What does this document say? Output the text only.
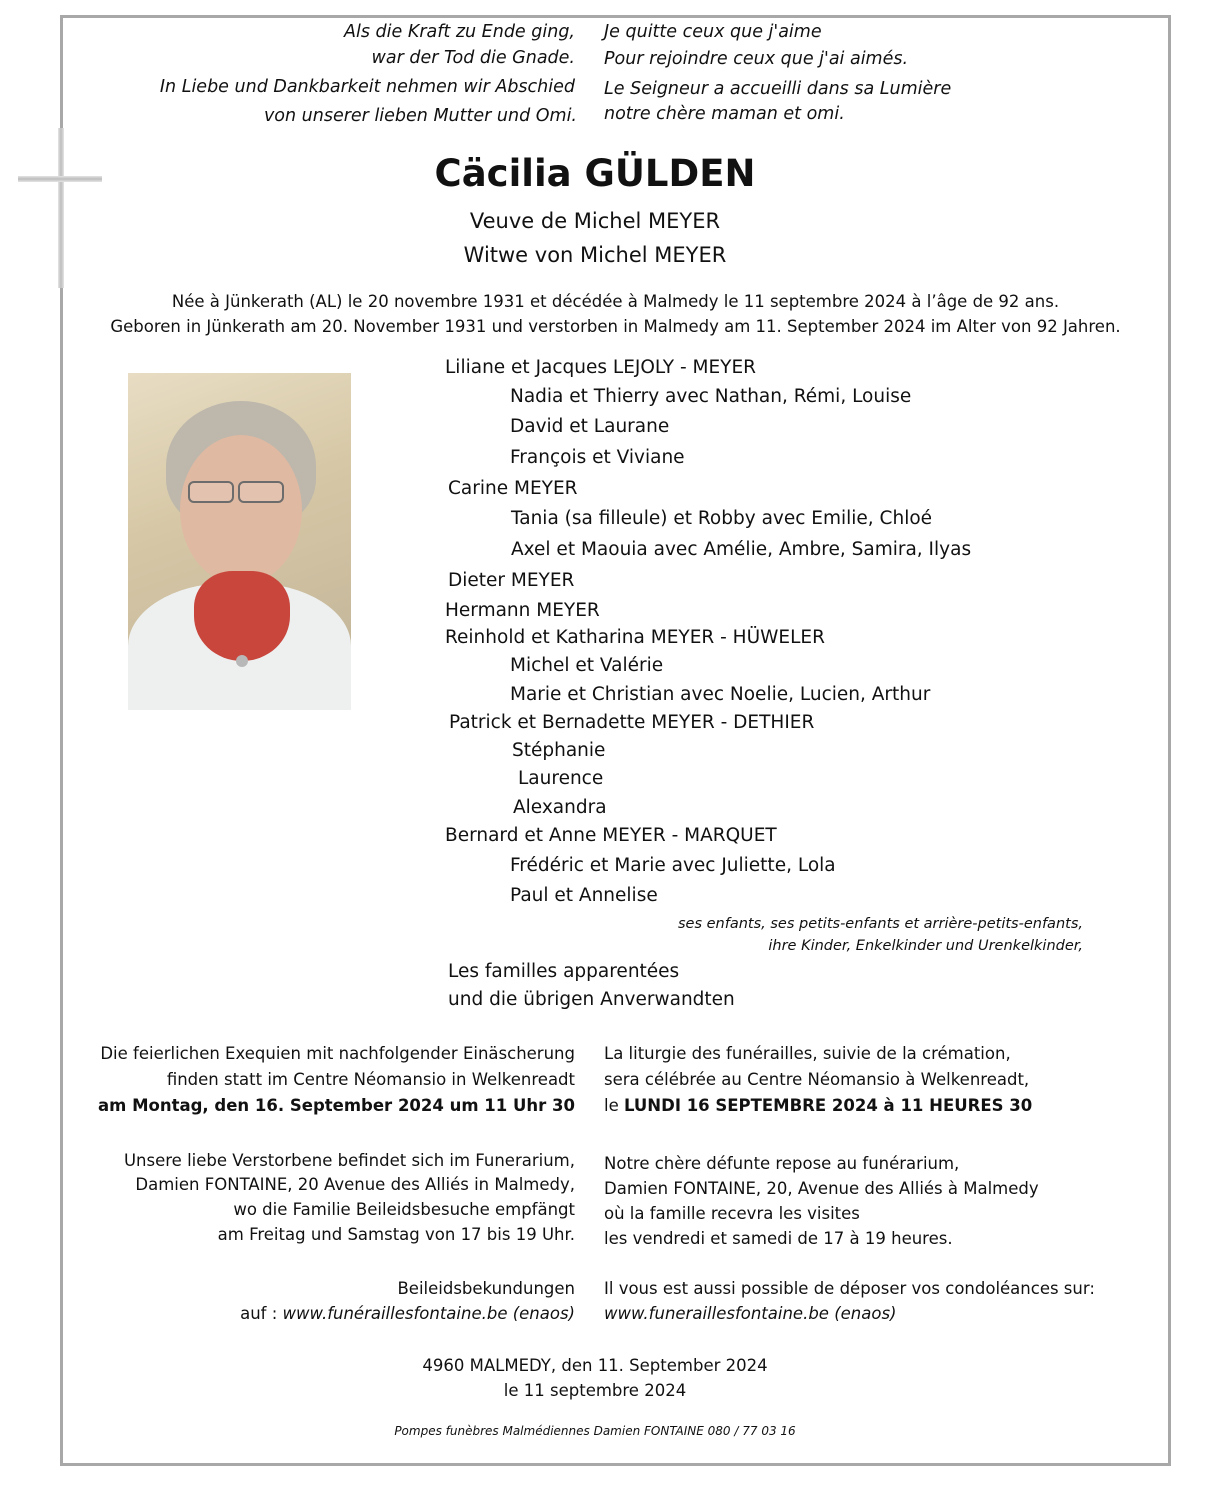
Als die Kraft zu Ende ging,
war der Tod die Gnade.
In Liebe und Dankbarkeit nehmen wir Abschied
von unserer lieben Mutter und Omi.
Je quitte ceux que j'aime
Pour rejoindre ceux que j'ai aimés.
Le Seigneur a accueilli dans sa Lumière
notre chère maman et omi.
Cäcilia GÜLDEN
Veuve de Michel MEYER
Witwe von Michel MEYER
Née à Jünkerath (AL) le 20 novembre 1931 et décédée à Malmedy le 11 septembre 2024 à l’âge de 92 ans.
Geboren in Jünkerath am 20. November 1931 und verstorben in Malmedy am 11. September 2024 im Alter von 92 Jahren.
Liliane et Jacques LEJOLY - MEYER
Nadia et Thierry avec Nathan, Rémi, Louise
David et Laurane
François et Viviane
Carine MEYER
Tania (sa filleule) et Robby avec Emilie, Chloé
Axel et Maouia avec Amélie, Ambre, Samira, Ilyas
Dieter MEYER
Hermann MEYER
Reinhold et Katharina MEYER - HÜWELER
Michel et Valérie
Marie et Christian avec Noelie, Lucien, Arthur
Patrick et Bernadette MEYER - DETHIER
Stéphanie
Laurence
Alexandra
Bernard et Anne MEYER - MARQUET
Frédéric et Marie avec Juliette, Lola
Paul et Annelise
ses enfants, ses petits-enfants et arrière-petits-enfants,
ihre Kinder, Enkelkinder und Urenkelkinder,
Les familles apparentées
und die übrigen Anverwandten
Die feierlichen Exequien mit nachfolgender Einäscherung
finden statt im Centre Néomansio in Welkenreadt
am Montag, den 16. September 2024 um 11 Uhr 30
La liturgie des funérailles, suivie de la crémation,
sera célébrée au Centre Néomansio à Welkenreadt,
le LUNDI 16 SEPTEMBRE 2024 à 11 HEURES 30
Unsere liebe Verstorbene befindet sich im Funerarium,
Damien FONTAINE, 20 Avenue des Alliés in Malmedy,
wo die Familie Beileidsbesuche empfängt
am Freitag und Samstag von 17 bis 19 Uhr.
Notre chère défunte repose au funérarium,
Damien FONTAINE, 20, Avenue des Alliés à Malmedy
où la famille recevra les visites
les vendredi et samedi de 17 à 19 heures.
Beileidsbekundungen
auf : www.funéraillesfontaine.be (enaos)
Il vous est aussi possible de déposer vos condoléances sur:
www.funeraillesfontaine.be (enaos)
4960 MALMEDY, den 11. September 2024
le 11 septembre 2024
Pompes funèbres Malmédiennes Damien FONTAINE 080 / 77 03 16
